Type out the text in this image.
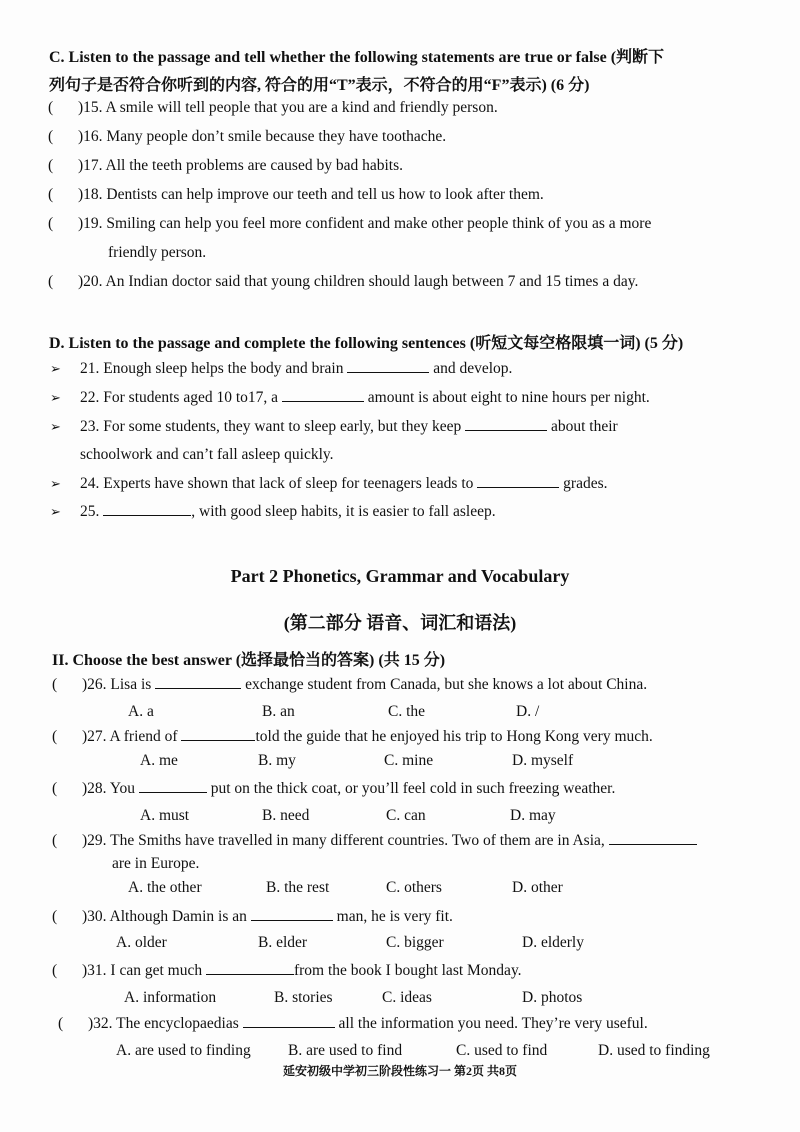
C. Listen to the passage and tell whether the following statements are true or false (判断下
列句子是否符合你听到的内容, 符合的用“T”表示，不符合的用“F”表示) (6 分)
( )15. A smile will tell people that you are a kind and friendly person.
( )16. Many people don’t smile because they have toothache.
( )17. All the teeth problems are caused by bad habits.
( )18. Dentists can help improve our teeth and tell us how to look after them.
( )19. Smiling can help you feel more confident and make other people think of you as a more
friendly person.
( )20. An Indian doctor said that young children should laugh between 7 and 15 times a day.
D. Listen to the passage and complete the following sentences (听短文每空格限填一词) (5 分)
➢ 21. Enough sleep helps the body and brain	and develop.
➢ 22. For students aged 10 to17, a	amount is about eight to nine hours per night.
➢ 23. For some students, they want to sleep early, but they keep	about their
schoolwork and can’t fall asleep quickly.
➢ 24. Experts have shown that lack of sleep for teenagers leads to	grades.
➢ 25.	, with good sleep habits, it is easier to fall asleep.
Part 2 Phonetics, Grammar and Vocabulary
(第二部分 语音、词汇和语法)
II. Choose the best answer (选择最恰当的答案) (共 15 分)
( )26. Lisa is	exchange student from Canada, but she knows a lot about China.
A. a	B. an	C. the	D. /
( )27. A friend of	told the guide that he enjoyed his trip to Hong Kong very much.
A. me	B. my	C. mine	D. myself
( )28. You	put on the thick coat, or you’ll feel cold in such freezing weather.
A. must	B. need	C. can	D. may
( )29. The Smiths have travelled in many different countries. Two of them are in Asia,
are in Europe.
A. the other	B. the rest	C. others	D. other
( )30. Although Damin is an	man, he is very fit.
A. older	B. elder	C. bigger	D. elderly
( )31. I can get much	from the book I bought last Monday.
A. information	B. stories	C. ideas	D. photos
( )32. The encyclopaedias	all the information you need. They’re very useful.
A. are used to finding B. are used to find	C. used to find	D. used to finding
延安初级中学初三阶段性练习一 第2页 共8页
